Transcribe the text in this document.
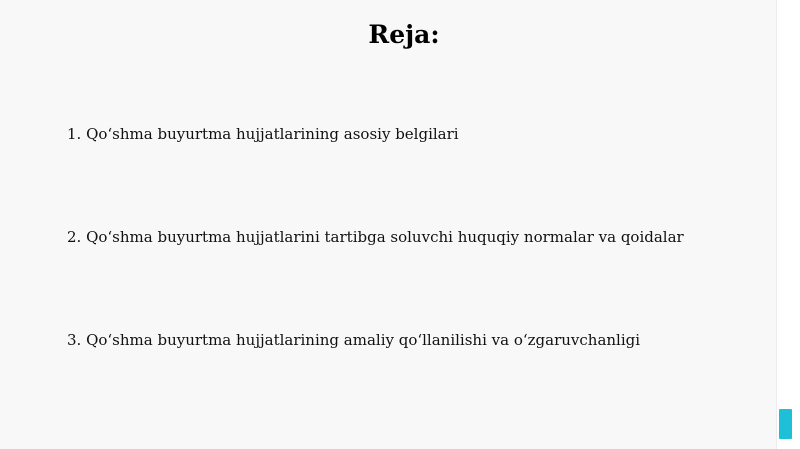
Reja:

1. Qo‘shma buyurtma hujjatlarining asosiy belgilari

2. Qo‘shma buyurtma hujjatlarini tartibga soluvchi huquqiy normalar va qoidalar

3. Qo‘shma buyurtma hujjatlarining amaliy qo‘llanilishi va o‘zgaruvchanligi
